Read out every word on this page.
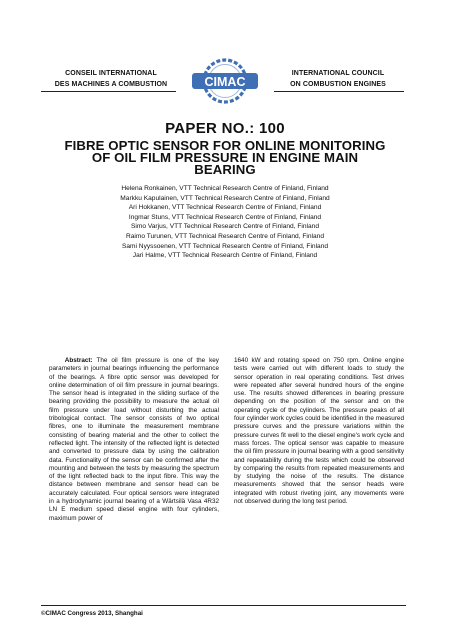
CONSEIL INTERNATIONAL
DES MACHINES A COMBUSTION	CIMAC
INTERNATIONAL COUNCIL
ON COMBUSTION ENGINES
PAPER NO.: 100
FIBRE OPTIC SENSOR FOR ONLINE MONITORING
OF OIL FILM PRESSURE IN ENGINE MAIN
BEARING
Helena Ronkainen, VTT Technical Research Centre of Finland, Finland
Markku Kapulainen, VTT Technical Research Centre of Finland, Finland
Ari Hokkanen, VTT Technical Research Centre of Finland, Finland
Ingmar Stuns, VTT Technical Research Centre of Finland, Finland
Simo Varjus, VTT Technical Research Centre of Finland, Finland
Raimo Turunen, VTT Technical Research Centre of Finland, Finland
Sami Nyyssoenen, VTT Technical Research Centre of Finland, Finland
Jari Halme, VTT Technical Research Centre of Finland, Finland

Abstract: The oil film pressure is one of the key parameters in journal bearings influencing the performance of the bearings. A fibre optic sensor was developed for online determination of oil film pressure in journal bearings. The sensor head is integrated in the sliding surface of the bearing providing the possibility to measure the actual oil film pressure under load without disturbing the actual tribological contact. The sensor consists of two optical fibres, one to illuminate the measurement membrane consisting of bearing material and the other to collect the reflected light. The intensity of the reflected light is detected and converted to pressure data by using the calibration data. Functionality of the sensor can be confirmed after the mounting and between the tests by measuring the spectrum of the light reflected back to the input fibre. This way the distance between membrane and sensor head can be accurately calculated. Four optical sensors were integrated in a hydrodynamic journal bearing of a Wärtsilä Vasa 4R32 LN E medium speed diesel engine with four cylinders, maximum power of

1640 kW and rotating speed on 750 rpm. Online engine tests were carried out with different loads to study the sensor operation in real operating conditions. Test drives were repeated after several hundred hours of the engine use. The results showed differences in bearing pressure depending on the position of the sensor and on the operating cycle of the cylinders. The pressure peaks of all four cylinder work cycles could be identified in the measured pressure curves and the pressure variations within the pressure curves fit well to the diesel engine's work cycle and mass forces. The optical sensor was capable to measure the oil film pressure in journal bearing with a good sensitivity and repeatability during the tests which could be observed by comparing the results from repeated measurements and by studying the noise of the results. The distance measurements showed that the sensor heads were integrated with robust riveting joint, any movements were not observed during the long test period.

©CIMAC Congress 2013, Shanghai
